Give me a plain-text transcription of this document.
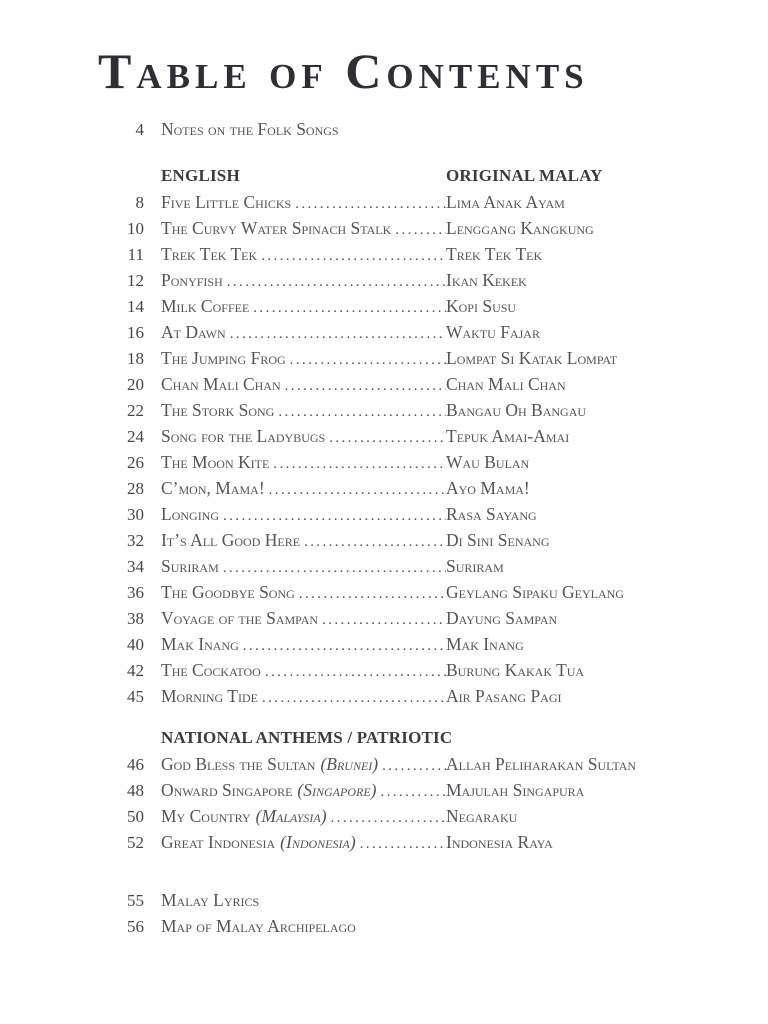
Table of Contents
4 Notes on the Folk Songs
ENGLISH	ORIGINAL MALAY
8 Five Little Chicks .....	Lima Anak Ayam
10 The Curvy Water Spinach Stalk .....	Lenggang Kangkung
11 Trek Tek Tek .....	Trek Tek Tek
12 Ponyfish .....	Ikan Kekek
14 Milk Coffee .....	Kopi Susu
16 At Dawn .....	Waktu Fajar
18 The Jumping Frog .....	Lompat Si Katak Lompat
20 Chan Mali Chan .....	Chan Mali Chan
22 The Stork Song .....	Bangau Oh Bangau
24 Song for the Ladybugs .....	Tepuk Amai-Amai
26 The Moon Kite .....	Wau Bulan
28 C’mon, Mama! .....	Ayo Mama!
30 Longing .....	Rasa Sayang
32 It’s All Good Here .....	Di Sini Senang
34 Suriram .....	Suriram
36 The Goodbye Song .....	Geylang Sipaku Geylang
38 Voyage of the Sampan .....	Dayung Sampan
40 Mak Inang .....	Mak Inang
42 The Cockatoo .....	Burung Kakak Tua
45 Morning Tide .....	Air Pasang Pagi
NATIONAL ANTHEMS / PATRIOTIC
46 God Bless the Sultan (Brunei) .....	Allah Peliharakan Sultan
48 Onward Singapore (Singapore) .....	Majulah Singapura
50 My Country (Malaysia) .....	Negaraku
52 Great Indonesia (Indonesia) .....	Indonesia Raya
55 Malay Lyrics
56 Map of Malay Archipelago
